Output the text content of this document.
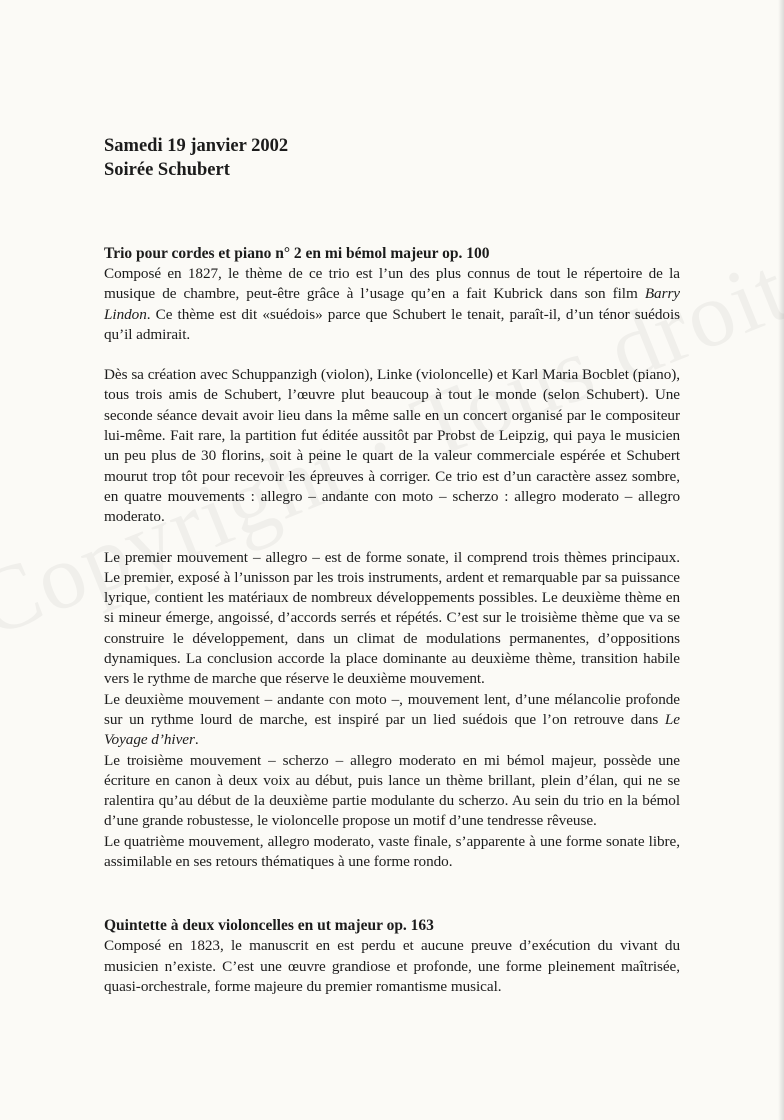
Samedi 19 janvier 2002
Soirée Schubert
Trio pour cordes et piano n° 2 en mi bémol majeur op. 100

Composé en 1827, le thème de ce trio est l’un des plus connus de tout le répertoire de la musique de chambre, peut-être grâce à l’usage qu’en a fait Kubrick dans son film Barry Lindon. Ce thème est dit «suédois» parce que Schubert le tenait, paraît-il, d’un ténor suédois qu’il admirait.

Dès sa création avec Schuppanzigh (violon), Linke (violoncelle) et Karl Maria Bocblet (piano), tous trois amis de Schubert, l’œuvre plut beaucoup à tout le monde (selon Schubert). Une seconde séance devait avoir lieu dans la même salle en un concert organisé par le compositeur lui-même. Fait rare, la partition fut éditée aussitôt par Probst de Leipzig, qui paya le musicien un peu plus de 30 florins, soit à peine le quart de la valeur commerciale espérée et Schubert mourut trop tôt pour recevoir les épreuves à corriger. Ce trio est d’un caractère assez sombre, en quatre mouvements : allegro – andante con moto – scherzo : allegro moderato – allegro moderato.

Le premier mouvement – allegro – est de forme sonate, il comprend trois thèmes principaux. Le premier, exposé à l’unisson par les trois instruments, ardent et remarquable par sa puissance lyrique, contient les matériaux de nombreux développements possibles. Le deuxième thème en si mineur émerge, angoissé, d’accords serrés et répétés. C’est sur le troisième thème que va se construire le développement, dans un climat de modulations permanentes, d’oppositions dynamiques. La conclusion accorde la place dominante au deuxième thème, transition habile vers le rythme de marche que réserve le deuxième mouvement.

Le deuxième mouvement – andante con moto –, mouvement lent, d’une mélancolie profonde sur un rythme lourd de marche, est inspiré par un lied suédois que l’on retrouve dans Le Voyage d’hiver.

Le troisième mouvement – scherzo – allegro moderato en mi bémol majeur, possède une écriture en canon à deux voix au début, puis lance un thème brillant, plein d’élan, qui ne se ralentira qu’au début de la deuxième partie modulante du scherzo. Au sein du trio en la bémol d’une grande robustesse, le violoncelle propose un motif d’une tendresse rêveuse.

Le quatrième mouvement, allegro moderato, vaste finale, s’apparente à une forme sonate libre, assimilable en ses retours thématiques à une forme rondo.

Quintette à deux violoncelles en ut majeur op. 163

Composé en 1823, le manuscrit en est perdu et aucune preuve d’exécution du vivant du musicien n’existe. C’est une œuvre grandiose et profonde, une forme pleinement maîtrisée, quasi-orchestrale, forme majeure du premier romantisme musical.
